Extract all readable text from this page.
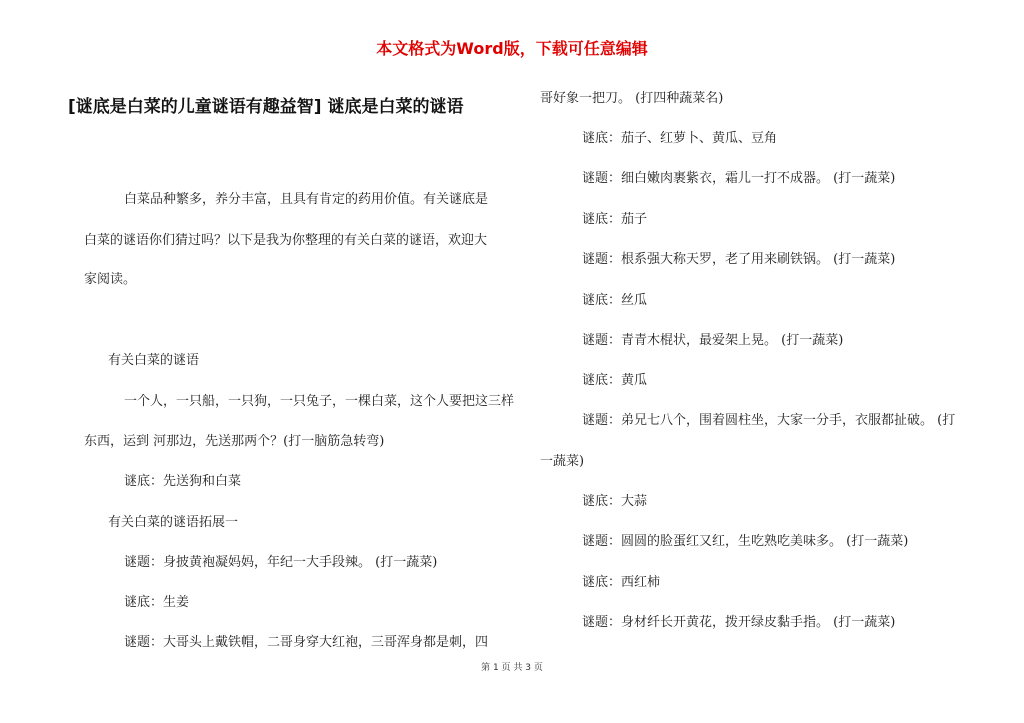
本文格式为Word版，下载可任意编辑
[谜底是白菜的儿童谜语有趣益智] 谜底是白菜的谜语
白菜品种繁多，养分丰富，且具有肯定的药用价值。有关谜底是
白菜的谜语你们猜过吗？以下是我为你整理的有关白菜的谜语，欢迎大
家阅读。
有关白菜的谜语
一个人，一只船，一只狗，一只兔子，一棵白菜，这个人要把这三样
东西，运到 河那边，先送那两个？(打一脑筋急转弯)
谜底：先送狗和白菜
有关白菜的谜语拓展一
谜题：身披黄袍凝妈妈，年纪一大手段辣。 (打一蔬菜)
谜底：生姜
谜题：大哥头上戴铁帽，二哥身穿大红袍，三哥浑身都是刺，四
哥好象一把刀。 (打四种蔬菜名)
谜底：茄子、红萝卜、黄瓜、豆角
谜题：细白嫩肉裹紫衣，霜儿一打不成器。 (打一蔬菜)
谜底：茄子
谜题：根系强大称天罗，老了用来刷铁锅。 (打一蔬菜)
谜底：丝瓜
谜题：青青木棍状，最爱架上晃。 (打一蔬菜)
谜底：黄瓜
谜题：弟兄七八个，围着圆柱坐，大家一分手，衣服都扯破。 (打
一蔬菜)
谜底：大蒜
谜题：圆圆的脸蛋红又红，生吃熟吃美味多。 (打一蔬菜)
谜底：西红柿
谜题：身材纤长开黄花，拨开绿皮黏手指。 (打一蔬菜)
第 1 页 共 3 页
